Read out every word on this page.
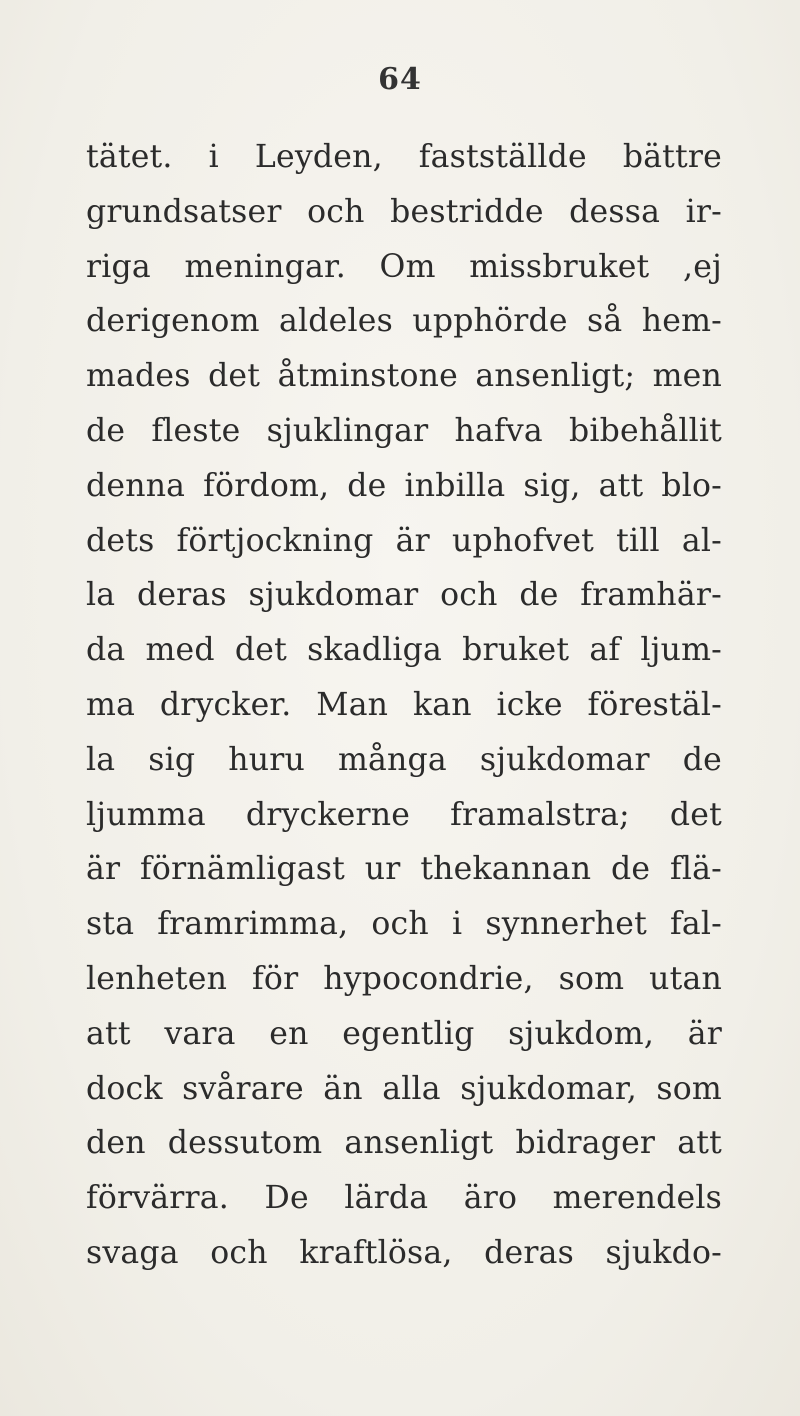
64
tätet. i Leyden, fastställde bättre
grundsatser och bestridde dessa ir-
riga meningar. Om missbruket ,ej
derigenom aldeles upphörde så hem-
mades det åtminstone ansenligt; men
de fleste sjuklingar hafva bibehållit
denna fördom, de inbilla sig, att blo-
dets förtjockning är uphofvet till al-
la deras sjukdomar och de framhär-
da med det skadliga bruket af ljum-
ma drycker. Man kan icke förestäl-
la sig huru många sjukdomar de
ljumma dryckerne framalstra; det
är förnämligast ur thekannan de flä-
sta framrimma, och i synnerhet fal-
lenheten för hypocondrie, som utan
att vara en egentlig sjukdom, är
dock svårare än alla sjukdomar, som
den dessutom ansenligt bidrager att
förvärra. De lärda äro merendels
svaga och kraftlösa, deras sjukdo-
